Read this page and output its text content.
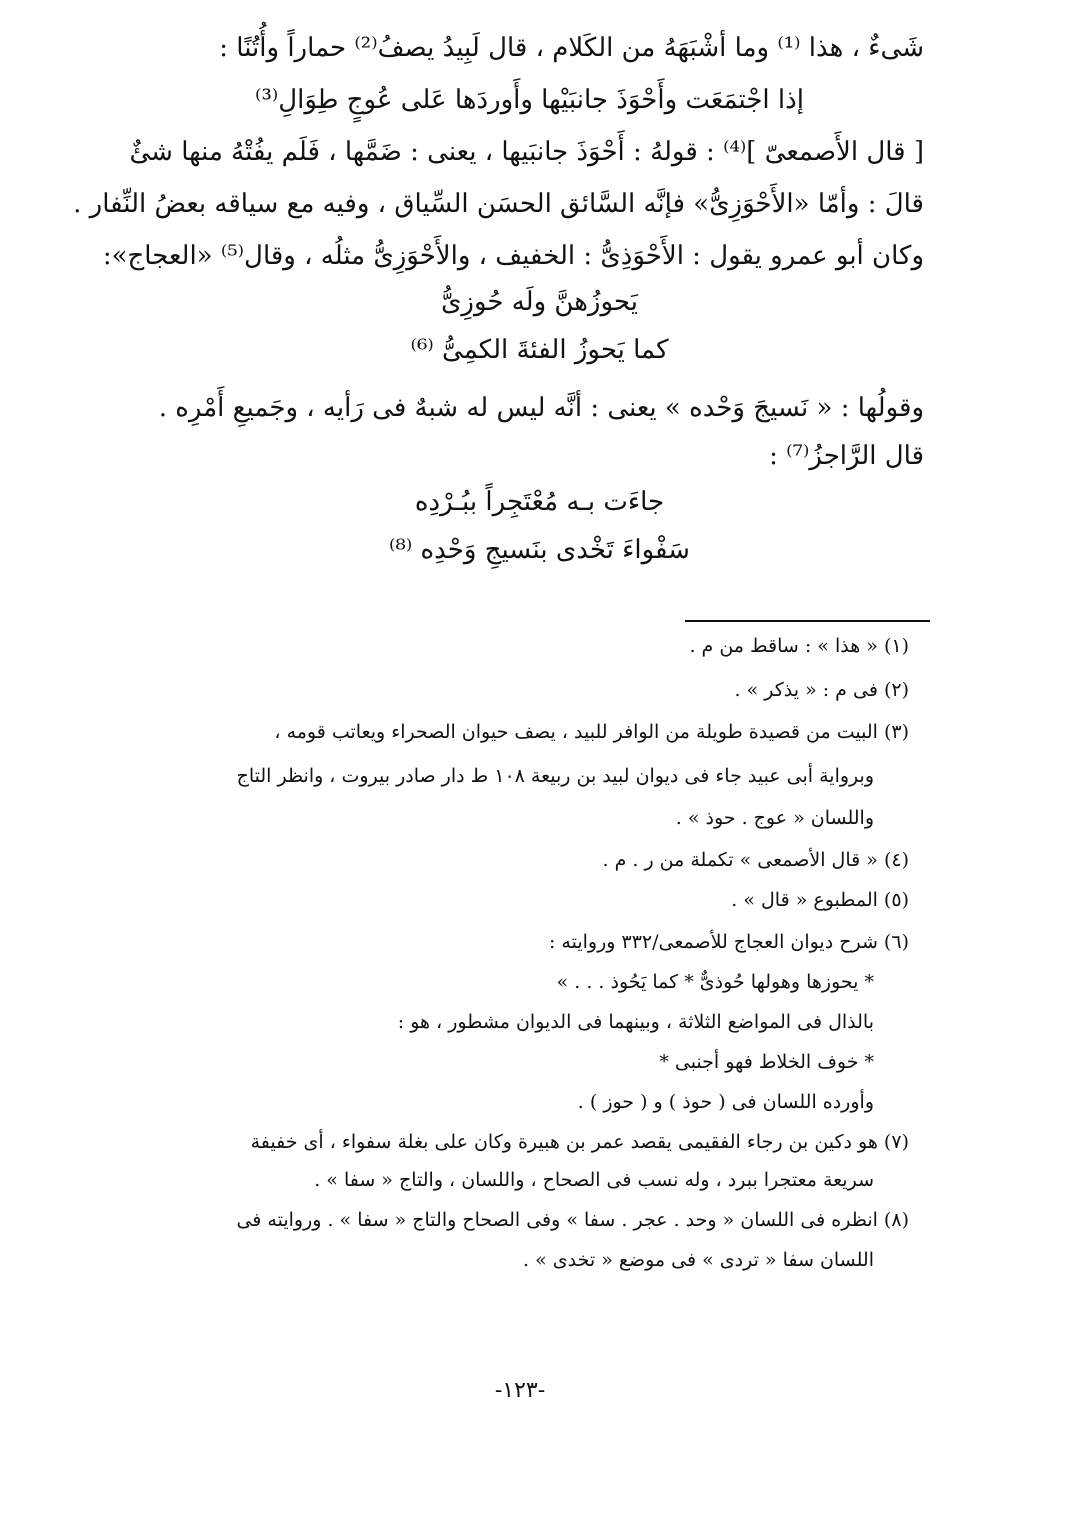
شَىءٌ ، هذا ⁽¹⁾ وما أشْبَهَهُ من الكَلام ، قال لَبِيدُ يصفُ⁽²⁾ حماراً وأُتُنًا :
إذا اجْتمَعَت وأَحْوَذَ جانبَيْها وأَوردَها عَلى عُوجٍ طِوَالِ⁽³⁾
[ قال الأَصمعىّ ]⁽⁴⁾ : قولهُ : أَحْوَذَ جانبَيها ، يعنى : ضَمَّها ، فَلَم يفُتْهُ منها شئٌ
قالَ : وأمّا «الأَحْوَزِىُّ» فإنَّه السَّائق الحسَن السِّياق ، وفيه مع سياقه بعضُ النِّفار .
وكان أبو عمرو يقول : الأَحْوَذِىُّ : الخفيف ، والأَحْوَزِىُّ مثلُه ، وقال⁽⁵⁾ «العجاج»:
يَحوزُهنَّ ولَه حُوزِىُّ
كما يَحوزُ الفئةَ الكمِىُّ ⁽⁶⁾
وقولُها : « نَسيجَ وَحْده » يعنى : أنَّه ليس له شبهٌ فى رَأيه ، وجَميعِ أَمْرِه .
قال الرَّاجزُ⁽⁷⁾ :
جاءَت بـه مُعْتَجِراً ببُـرْدِه
سَفْواءَ تَخْدى بنَسيجِ وَحْدِه ⁽⁸⁾
(١) « هذا » : ساقط من م .
(٢) فى م : « يذكر » .
(٣) البيت من قصيدة طويلة من الوافر للبيد ، يصف حيوان الصحراء ويعاتب قومه ،
وبرواية أبى عبيد جاء فى ديوان لبيد بن ربيعة ١٠٨ ط دار صادر بيروت ، وانظر التاج
واللسان « عوج . حوذ » .
(٤) « قال الأصمعى » تكملة من ر . م .
(٥) المطبوع « قال » .
(٦) شرح ديوان العجاج للأصمعى/٣٣٢ وروايته :
* يحوزها وهولها حُوذىٌّ * كما يَحُوذ . . . »
بالذال فى المواضع الثلاثة ، وبينهما فى الديوان مشطور ، هو :
* خوف الخلاط فهو أجنبى *
وأورده اللسان فى ( حوذ ) و ( حوز ) .
(٧) هو دكين بن رجاء الفقيمى يقصد عمر بن هبيرة وكان على بغلة سفواء ، أى خفيفة
سريعة معتجرا ببرد ، وله نسب فى الصحاح ، واللسان ، والتاج « سفا » .
(٨) انظره فى اللسان « وحد . عجر . سفا » وفى الصحاح والتاج « سفا » . وروايته فى
اللسان سفا « تردى » فى موضع « تخدى » .
-١٢٣-
